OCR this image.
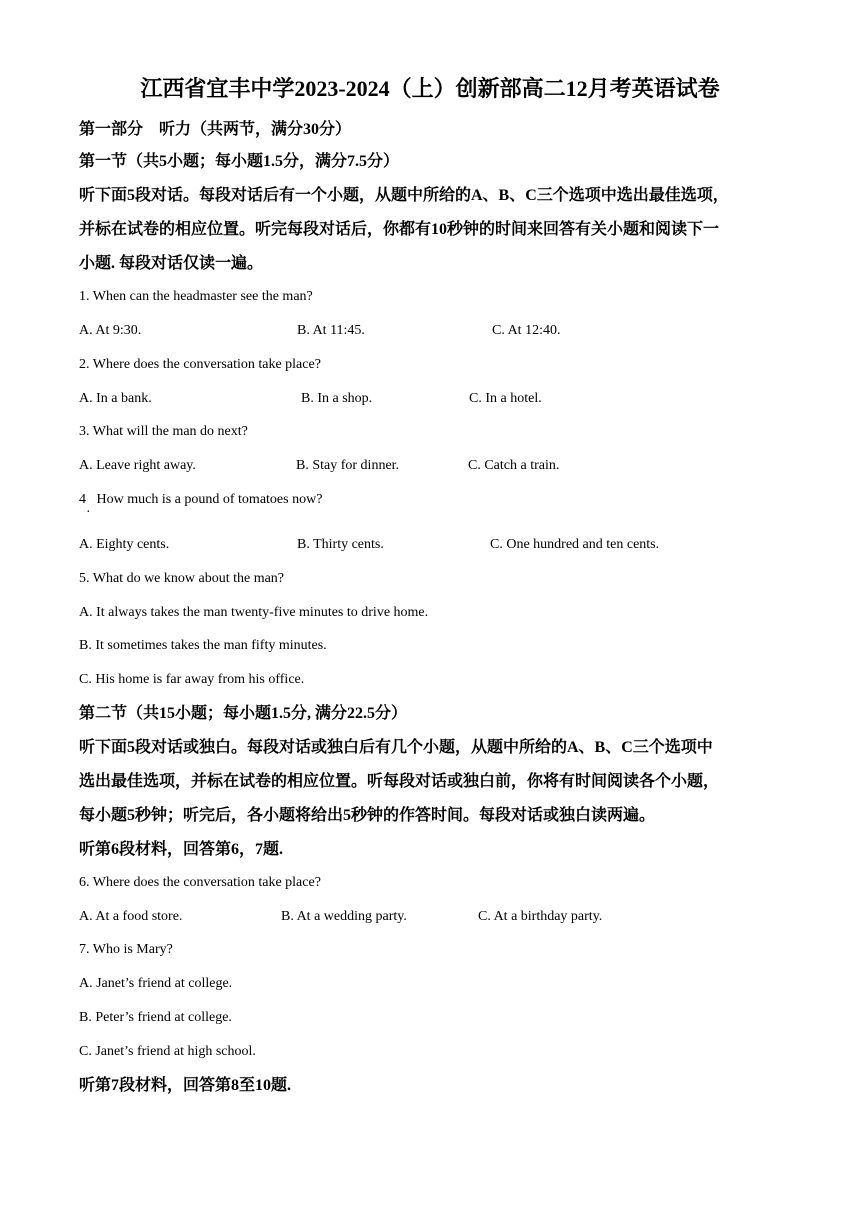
江西省宜丰中学2023-2024（上）创新部高二12月考英语试卷
第一部分　听力（共两节，满分30分）
第一节（共5小题；每小题1.5分，满分7.5分）
听下面5段对话。每段对话后有一个小题，从题中所给的A、B、C三个选项中选出最佳选项，
并标在试卷的相应位置。听完每段对话后，你都有10秒钟的时间来回答有关小题和阅读下一
小题. 每段对话仅读一遍。
1. When can the headmaster see the man?
A. At 9:30.	B. At 11:45.	C. At 12:40.
2. Where does the conversation take place?
A. In a bank.	B. In a shop.	C. In a hotel.
3. What will the man do next?
A. Leave right away.	B. Stay for dinner.	C. Catch a train.
4   How much is a pound of tomatoes now?
·
A. Eighty cents.	B. Thirty cents.	C. One hundred and ten cents.
5. What do we know about the man?
A. It always takes the man twenty-five minutes to drive home.
B. It sometimes takes the man fifty minutes.
C. His home is far away from his office.
第二节（共15小题；每小题1.5分, 满分22.5分）
听下面5段对话或独白。每段对话或独白后有几个小题，从题中所给的A、B、C三个选项中
选出最佳选项，并标在试卷的相应位置。听每段对话或独白前，你将有时间阅读各个小题，
每小题5秒钟；听完后，各小题将给出5秒钟的作答时间。每段对话或独白读两遍。
听第6段材料，回答第6，7题.
6. Where does the conversation take place?
A. At a food store.	B. At a wedding party.	C. At a birthday party.
7. Who is Mary?
A. Janet’s friend at college.
B. Peter’s friend at college.
C. Janet’s friend at high school.
听第7段材料，回答第8至10题.
